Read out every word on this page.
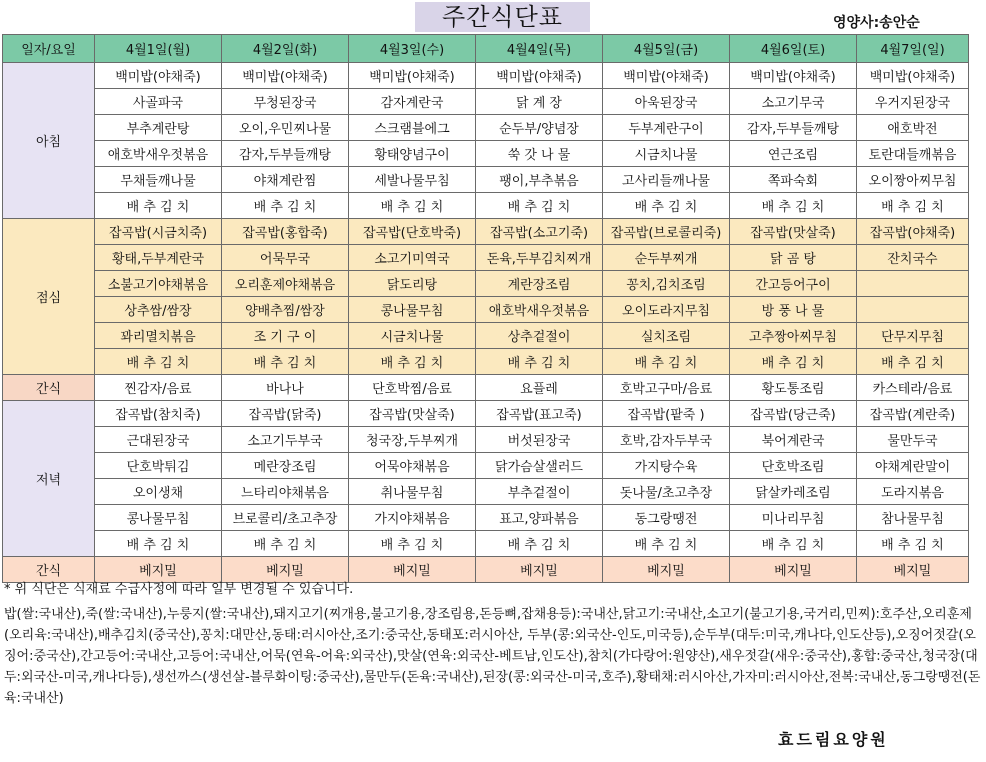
주간식단표	영양사:송안순
일자/요일	4월1일(월)	4월2일(화)	4월3일(수)	4월4일(목)	4월5일(금)	4월6일(토)	4월7일(일)
아침	백미밥(야채죽)	백미밥(야채죽)	백미밥(야채죽)	백미밥(야채죽)	백미밥(야채죽)	백미밥(야채죽)	백미밥(야채죽)
	사골파국	무청된장국	감자계란국	닭 계 장	아욱된장국	소고기무국	우거지된장국
	부추계란탕	오이,우민찌나물	스크램블에그	순두부/양념장	두부계란구이	감자,두부들깨탕	애호박전
	애호박새우젓볶음	감자,두부들깨탕	황태양념구이	쑥 갓 나 물	시금치나물	연근조림	토란대들깨볶음
	무채들깨나물	야채계란찜	세발나물무침	팽이,부추볶음	고사리들깨나물	쪽파숙회	오이짱아찌무침
	배 추 김 치	배 추 김 치	배 추 김 치	배 추 김 치	배 추 김 치	배 추 김 치	배 추 김 치
점심	잡곡밥(시금치죽)	잡곡밥(홍합죽)	잡곡밥(단호박죽)	잡곡밥(소고기죽)	잡곡밥(브로콜리죽)	잡곡밥(맛살죽)	잡곡밥(야채죽)
	황태,두부계란국	어묵무국	소고기미역국	돈육,두부김치찌개	순두부찌개	닭 곰 탕	잔치국수
	소불고기야채볶음	오리훈제야채볶음	닭도리탕	계란장조림	꽁치,김치조림	간고등어구이	
	상추쌈/쌈장	양배추찜/쌈장	콩나물무침	애호박새우젓볶음	오이도라지무침	방 풍 나 물	
	꽈리멸치볶음	조 기 구 이	시금치나물	상추겉절이	실치조림	고추짱아찌무침	단무지무침
	배 추 김 치	배 추 김 치	배 추 김 치	배 추 김 치	배 추 김 치	배 추 김 치	배 추 김 치
간식	찐감자/음료	바나나	단호박찜/음료	요플레	호박고구마/음료	황도통조림	카스테라/음료
저녁	잡곡밥(참치죽)	잡곡밥(닭죽)	잡곡밥(맛살죽)	잡곡밥(표고죽)	잡곡밥(팥죽 )	잡곡밥(당근죽)	잡곡밥(계란죽)
	근대된장국	소고기두부국	청국장,두부찌개	버섯된장국	호박,감자두부국	북어계란국	물만두국
	단호박튀김	메란장조림	어묵야채볶음	닭가슴살샐러드	가지탕수육	단호박조림	야채계란말이
	오이생채	느타리야채볶음	취나물무침	부추겉절이	돗나물/초고추장	닭살카레조림	도라지볶음
	콩나물무침	브로콜리/초고추장	가지야채볶음	표고,양파볶음	동그랑땡전	미나리무침	참나물무침
	배 추 김 치	배 추 김 치	배 추 김 치	배 추 김 치	배 추 김 치	배 추 김 치	배 추 김 치
간식	베지밀	베지밀	베지밀	베지밀	베지밀	베지밀	베지밀
* 위 식단은 식재료 수급사정에 따라 일부 변경될 수 있습니다.
밥(쌀:국내산),죽(쌀:국내산),누룽지(쌀:국내산),돼지고기(찌개용,불고기용,장조림용,돈등뼈,잡채용등):국내산,닭고기:국내산,소고기(불고기용,국거리,민찌):호주산,오리훈제(오리육:국내산),배추김치(중국산),꽁치:대만산,동태:러시아산,조기:중국산,동태포:러시아산, 두부(콩:외국산-인도,미국등),순두부(대두:미국,캐나다,인도산등),오징어젓갈(오징어:중국산),간고등어:국내산,고등어:국내산,어묵(연육-어육:외국산),맛살(연육:외국산-베트남,인도산),참치(가다랑어:원양산),새우젓갈(새우:중국산),홍합:중국산,청국장(대두:외국산-미국,캐나다등),생선까스(생선살-블루화이팅:중국산),물만두(돈육:국내산),된장(콩:외국산-미국,호주),황태채:러시아산,가자미:러시아산,전복:국내산,동그랑땡전(돈육:국내산)
효드림요양원
